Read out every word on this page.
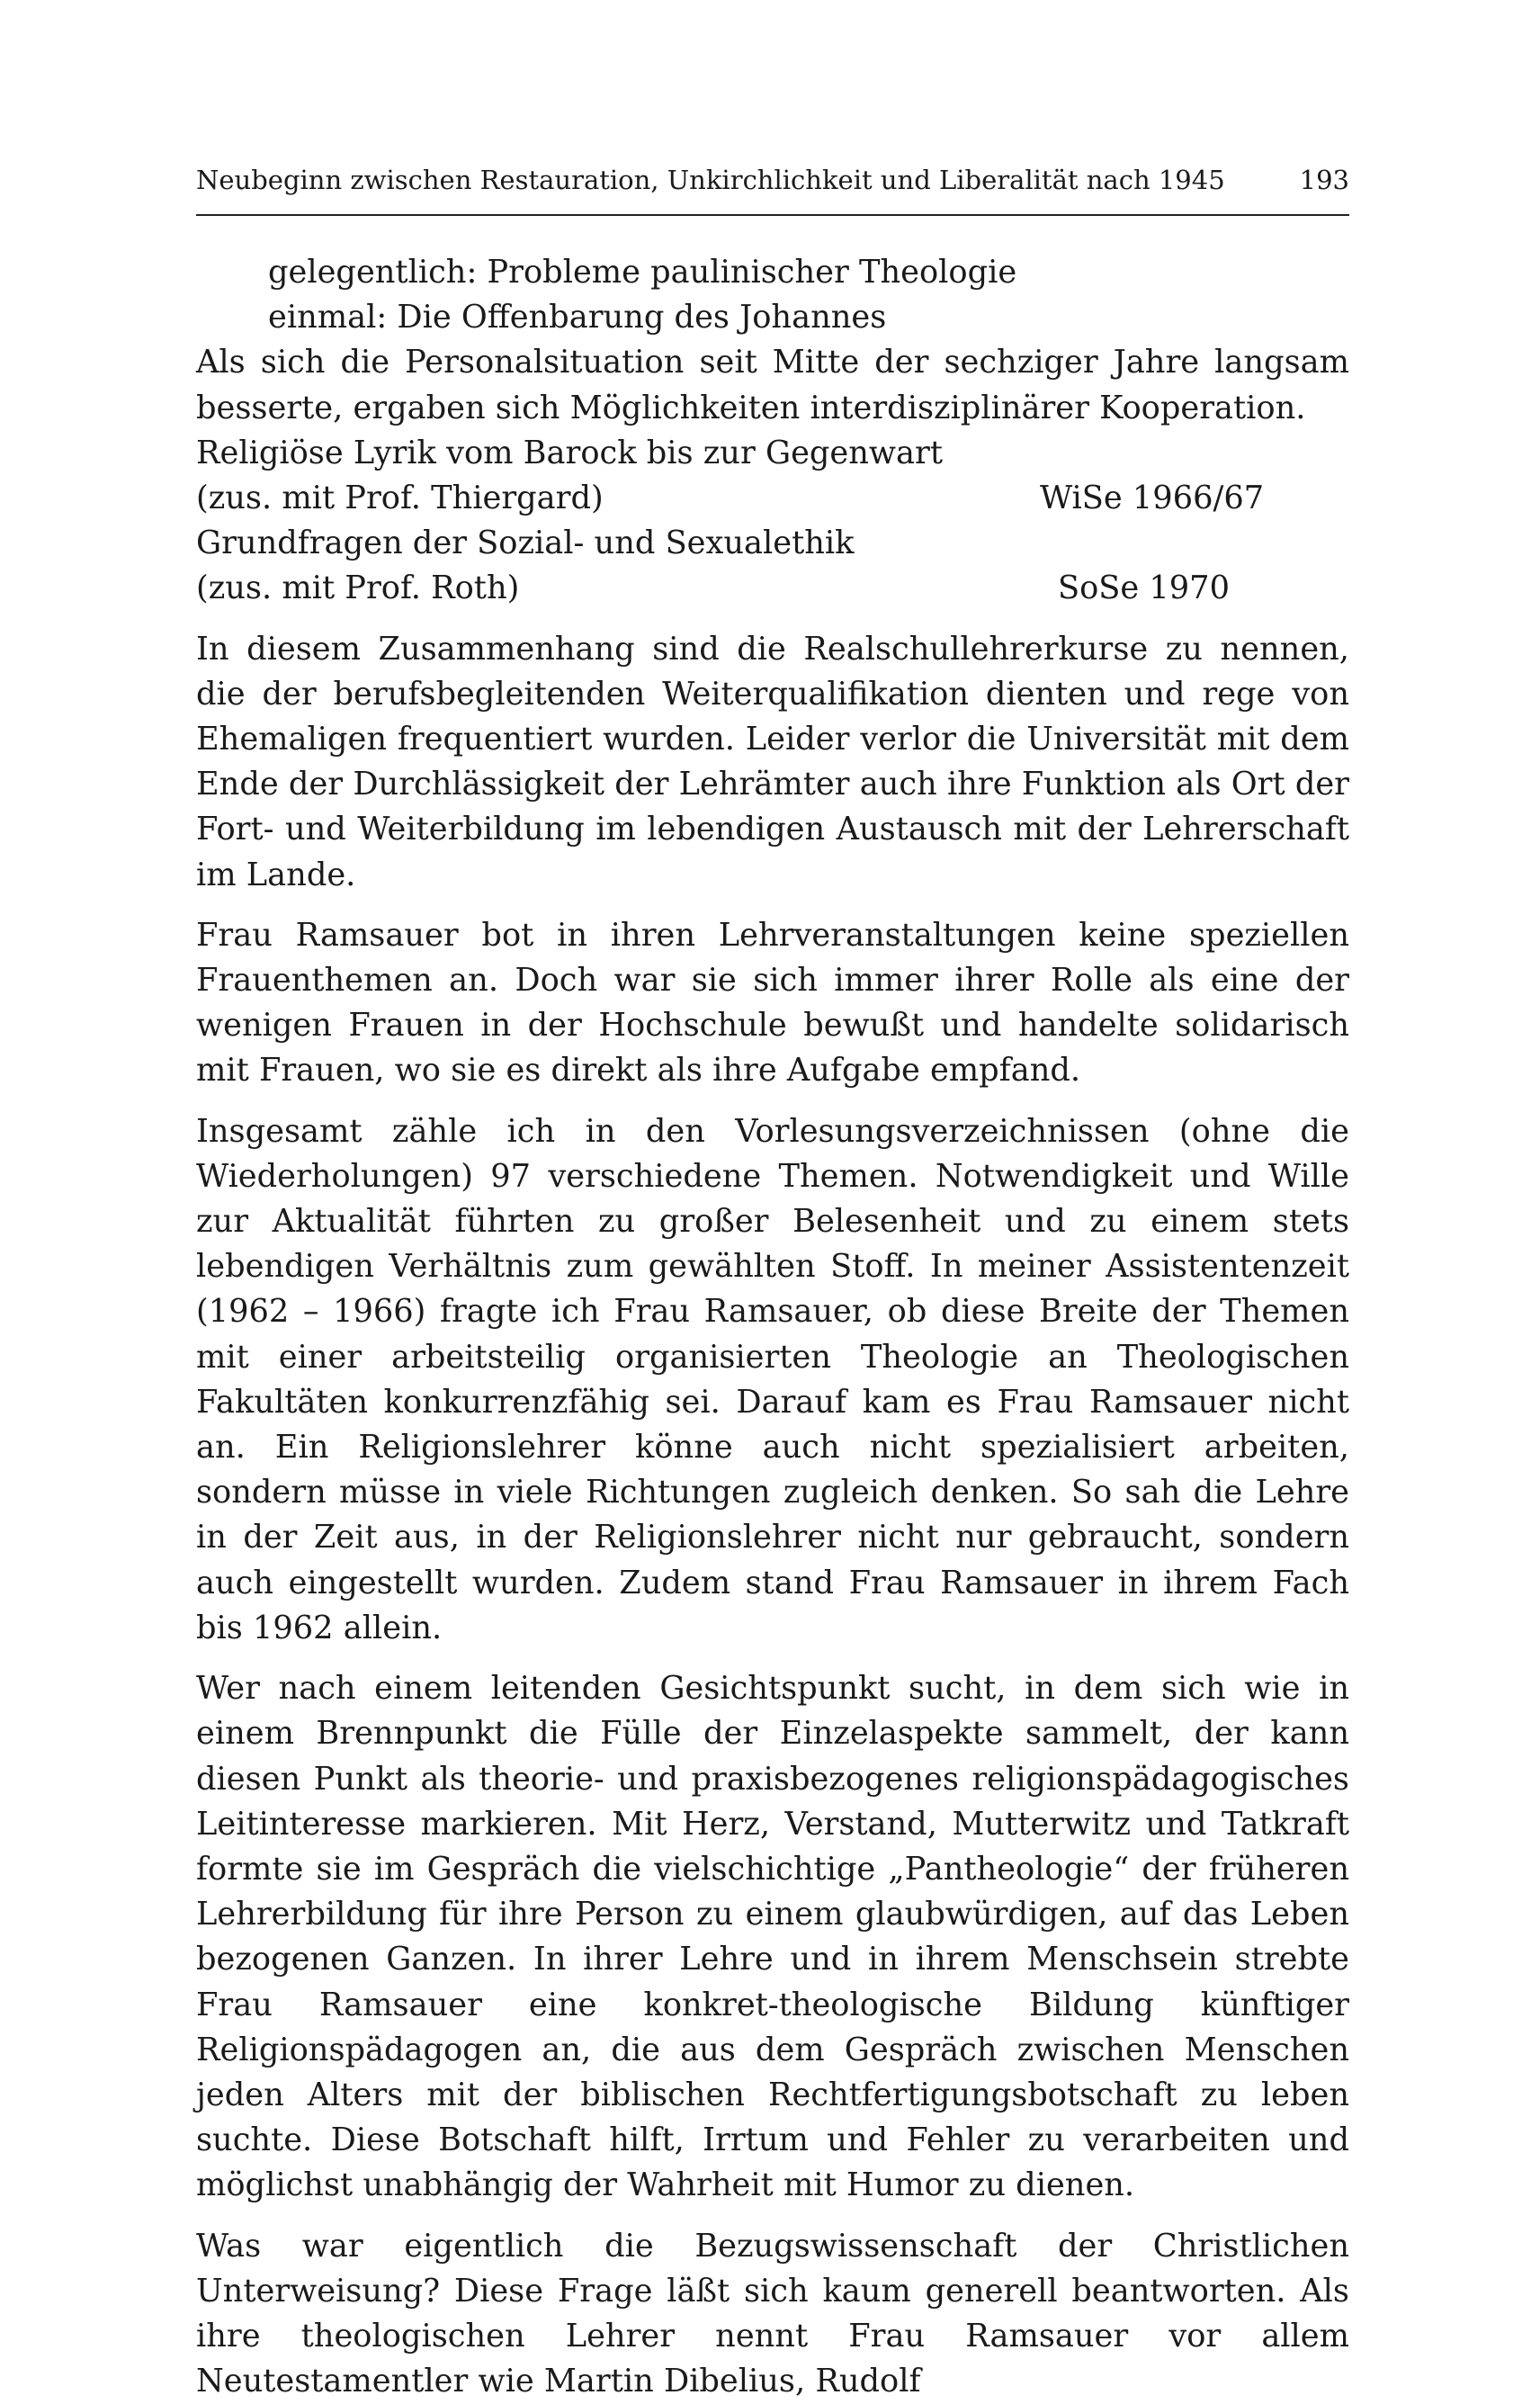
Neubeginn zwischen Restauration, Unkirchlichkeit und Liberalität nach 1945	193
gelegentlich: Probleme paulinischer Theologie
einmal: Die Offenbarung des Johannes

Als sich die Personalsituation seit Mitte der sechziger Jahre langsam besserte, ergaben sich Möglichkeiten interdisziplinärer Kooperation.

Religiöse Lyrik vom Barock bis zur Gegenwart
(zus. mit Prof. Thiergard)	WiSe 1966/67
Grundfragen der Sozial- und Sexualethik
(zus. mit Prof. Roth)	SoSe 1970

In diesem Zusammenhang sind die Realschullehrerkurse zu nennen, die der berufsbegleitenden Weiterqualifikation dienten und rege von Ehemaligen frequentiert wurden. Leider verlor die Universität mit dem Ende der Durchlässigkeit der Lehrämter auch ihre Funktion als Ort der Fort- und Weiterbildung im lebendigen Austausch mit der Lehrerschaft im Lande.

Frau Ramsauer bot in ihren Lehrveranstaltungen keine speziellen Frauenthemen an. Doch war sie sich immer ihrer Rolle als eine der wenigen Frauen in der Hochschule bewußt und handelte solidarisch mit Frauen, wo sie es direkt als ihre Aufgabe empfand.

Insgesamt zähle ich in den Vorlesungsverzeichnissen (ohne die Wiederholungen) 97 verschiedene Themen. Notwendigkeit und Wille zur Aktualität führten zu großer Belesenheit und zu einem stets lebendigen Verhältnis zum gewählten Stoff. In meiner Assistentenzeit (1962 – 1966) fragte ich Frau Ramsauer, ob diese Breite der Themen mit einer arbeitsteilig organisierten Theologie an Theologischen Fakultäten konkurrenzfähig sei. Darauf kam es Frau Ramsauer nicht an. Ein Religionslehrer könne auch nicht spezialisiert arbeiten, sondern müsse in viele Richtungen zugleich denken. So sah die Lehre in der Zeit aus, in der Religionslehrer nicht nur gebraucht, sondern auch eingestellt wurden. Zudem stand Frau Ramsauer in ihrem Fach bis 1962 allein.

Wer nach einem leitenden Gesichtspunkt sucht, in dem sich wie in einem Brennpunkt die Fülle der Einzelaspekte sammelt, der kann diesen Punkt als theorie- und praxisbezogenes religionspädagogisches Leitinteresse markieren. Mit Herz, Verstand, Mutterwitz und Tatkraft formte sie im Gespräch die vielschichtige „Pantheologie“ der früheren Lehrerbildung für ihre Person zu einem glaubwürdigen, auf das Leben bezogenen Ganzen. In ihrer Lehre und in ihrem Menschsein strebte Frau Ramsauer eine konkret-theologische Bildung künftiger Religionspädagogen an, die aus dem Gespräch zwischen Menschen jeden Alters mit der biblischen Rechtfertigungsbotschaft zu leben suchte. Diese Botschaft hilft, Irrtum und Fehler zu verarbeiten und möglichst unabhängig der Wahrheit mit Humor zu dienen.

Was war eigentlich die Bezugswissenschaft der Christlichen Unterweisung? Diese Frage läßt sich kaum generell beantworten. Als ihre theologischen Lehrer nennt Frau Ramsauer vor allem Neutestamentler wie Martin Dibelius, Rudolf
